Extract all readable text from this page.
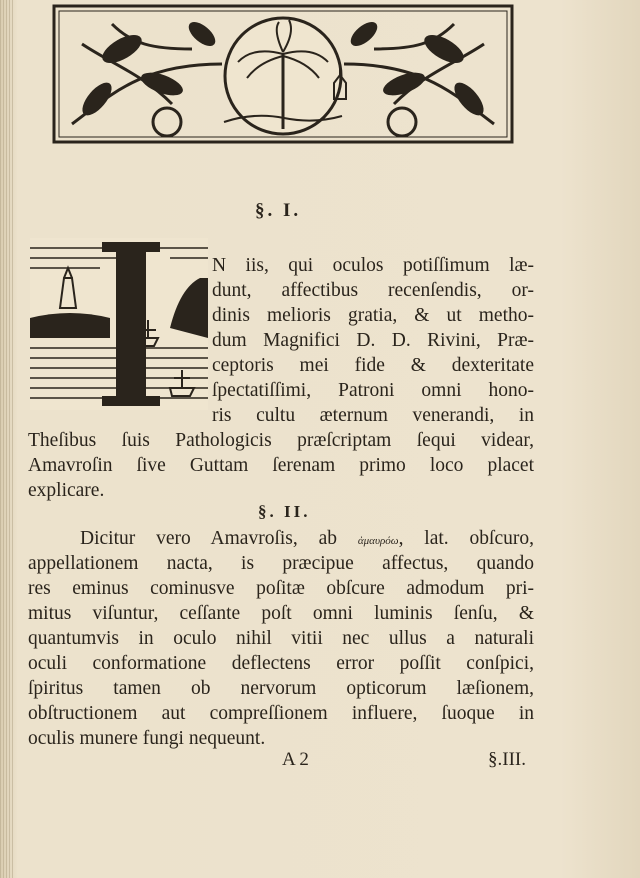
§. I.
N iis, qui oculos potiſſimum læ-
dunt, affectibus recenſendis, or-
dinis melioris gratia, & ut metho-
dum Magnifici D. D. Rivini, Præ-
ceptoris mei fide & dexteritate
ſpectatiſſimi, Patroni omni hono-
ris cultu æternum venerandi, in
Theſibus ſuis Pathologicis præſcriptam ſequi videar,
Amavroſin ſive Guttam ſerenam primo loco placet
explicare.
§. II.
Dicitur vero Amavroſis, ab ἀμαυρόω, lat. obſcuro,
appellationem nacta, is præcipue affectus, quando
res eminus cominusve poſitæ obſcure admodum pri-
mitus viſuntur, ceſſante poſt omni luminis ſenſu, &
quantumvis in oculo nihil vitii nec ullus a naturali
oculi conformatione deflectens error poſſit conſpici,
ſpiritus tamen ob nervorum opticorum læſionem,
obſtructionem aut compreſſionem influere, ſuoque in
oculis munere fungi nequeunt.
A 2	§.III.
